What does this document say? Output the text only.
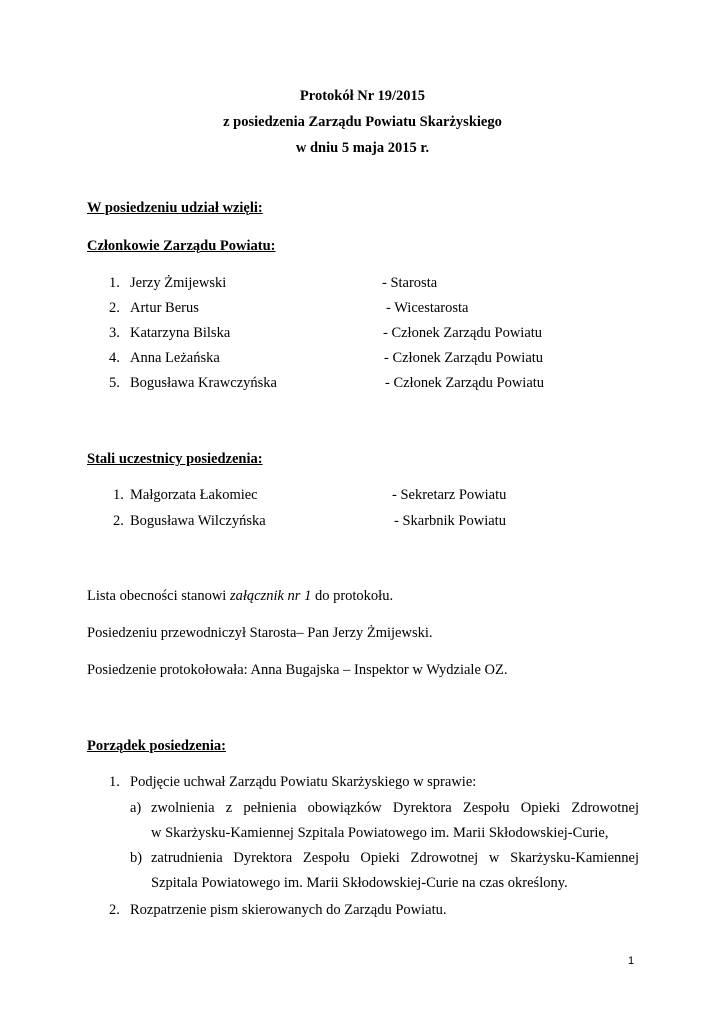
Protokół Nr 19/2015
z posiedzenia Zarządu Powiatu Skarżyskiego
w dniu 5 maja 2015 r.
W posiedzeniu udział wzięli:
Członkowie Zarządu Powiatu:
1. Jerzy Żmijewski	- Starosta
2. Artur Berus	- Wicestarosta
3. Katarzyna Bilska	- Członek Zarządu Powiatu
4. Anna Leżańska	- Członek Zarządu Powiatu
5. Bogusława Krawczyńska	- Członek Zarządu Powiatu
Stali uczestnicy posiedzenia:
1. Małgorzata Łakomiec	- Sekretarz Powiatu
2. Bogusława Wilczyńska	- Skarbnik Powiatu
Lista obecności stanowi załącznik nr 1 do protokołu.
Posiedzeniu przewodniczył Starosta– Pan Jerzy Żmijewski.
Posiedzenie protokołowała: Anna Bugajska – Inspektor w Wydziale OZ.
Porządek posiedzenia:
1. Podjęcie uchwał Zarządu Powiatu Skarżyskiego w sprawie:
a) zwolnienia z pełnienia obowiązków Dyrektora Zespołu Opieki Zdrowotnej
w Skarżysku-Kamiennej Szpitala Powiatowego im. Marii Skłodowskiej-Curie,
b) zatrudnienia Dyrektora Zespołu Opieki Zdrowotnej w Skarżysku-Kamiennej
Szpitala Powiatowego im. Marii Skłodowskiej-Curie na czas określony.
2. Rozpatrzenie pism skierowanych do Zarządu Powiatu.
1
